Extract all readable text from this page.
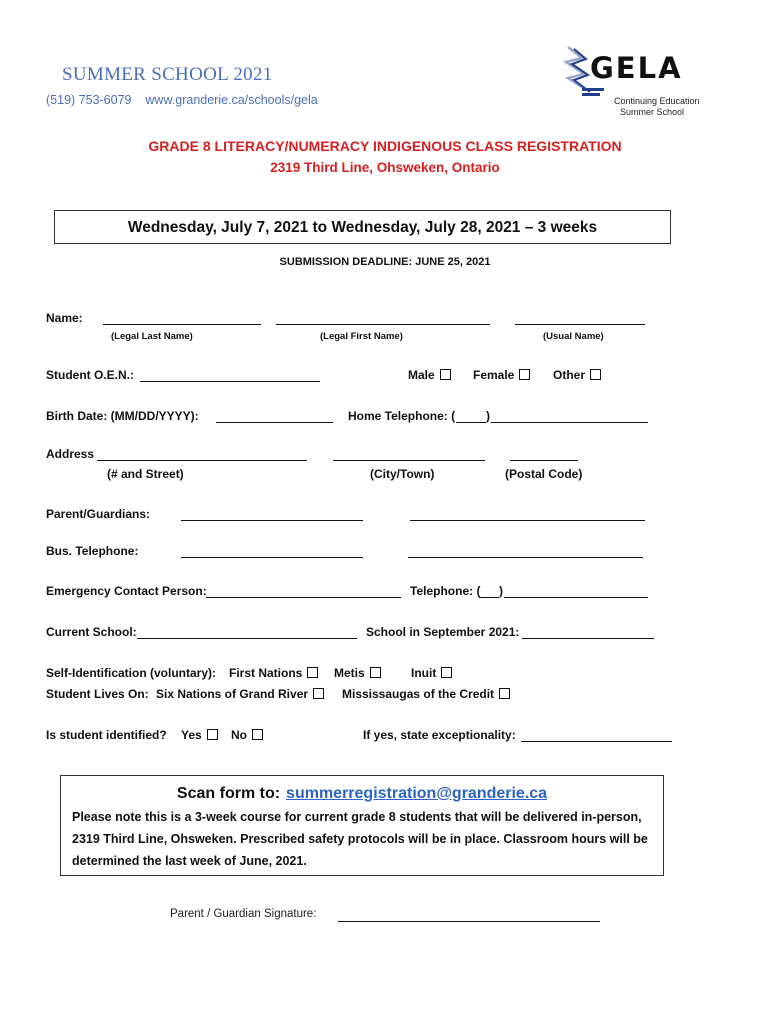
SUMMER SCHOOL 2021
(519) 753-6079 www.granderie.ca/schools/gela
GELA
Continuing Education
Summer School
GRADE 8 LITERACY/NUMERACY INDIGENOUS CLASS REGISTRATION
2319 Third Line, Ohsweken, Ontario
Wednesday, July 7, 2021 to Wednesday, July 28, 2021 – 3 weeks
SUBMISSION DEADLINE: JUNE 25, 2021
Name:
(Legal Last Name)	(Legal First Name)	(Usual Name)
Student O.E.N.:	Male	Female	Other
Birth Date: (MM/DD/YYYY):	Home Telephone: (	)
Address
(# and Street)	(City/Town)	(Postal Code)
Parent/Guardians:
Bus. Telephone:
Emergency Contact Person:	Telephone: ( )
Current School:	School in September 2021:
Self-Identification (voluntary): First Nations	Metis	Inuit
Student Lives On: Six Nations of Grand River	Mississaugas of the Credit
Is student identified? Yes	No	If yes, state exceptionality:
Scan form to: summerregistration@granderie.ca
Please note this is a 3-week course for current grade 8 students that will be delivered in-person, 2319 Third Line, Ohsweken. Prescribed safety protocols will be in place. Classroom hours will be determined the last week of June, 2021.
Parent / Guardian Signature:
